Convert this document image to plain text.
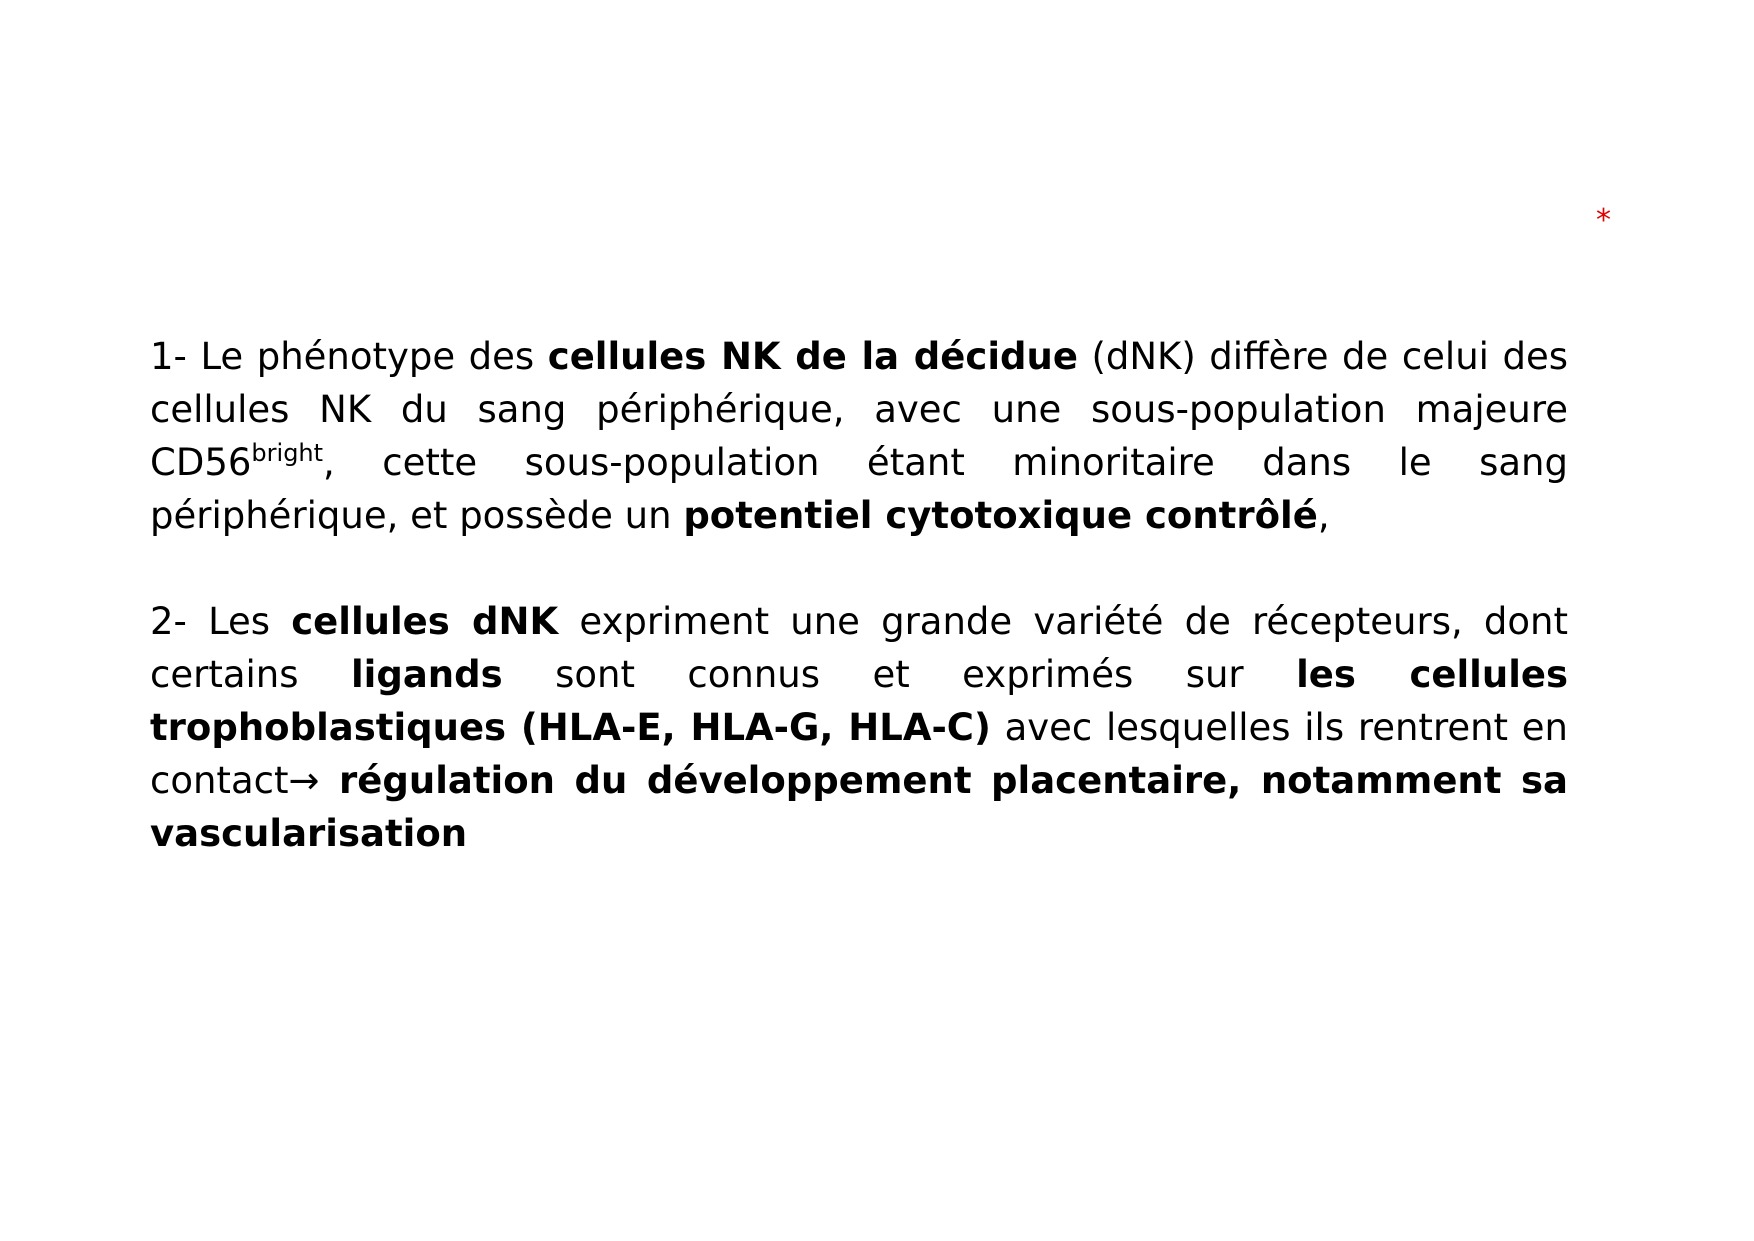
*

1- Le phénotype des cellules NK de la décidue (dNK) diffère de celui des cellules NK du sang périphérique, avec une sous-population majeure $CD56^{bright}$, cette sous-population étant minoritaire dans le sang périphérique, et possède un potentiel cytotoxique contrôlé,

2- Les cellules dNK expriment une grande variété de récepteurs, dont certains ligands sont connus et exprimés sur les cellules trophoblastiques (HLA-E, HLA-G, HLA-C) avec lesquelles ils rentrent en contact→ régulation du développement placentaire, notamment sa vascularisation
